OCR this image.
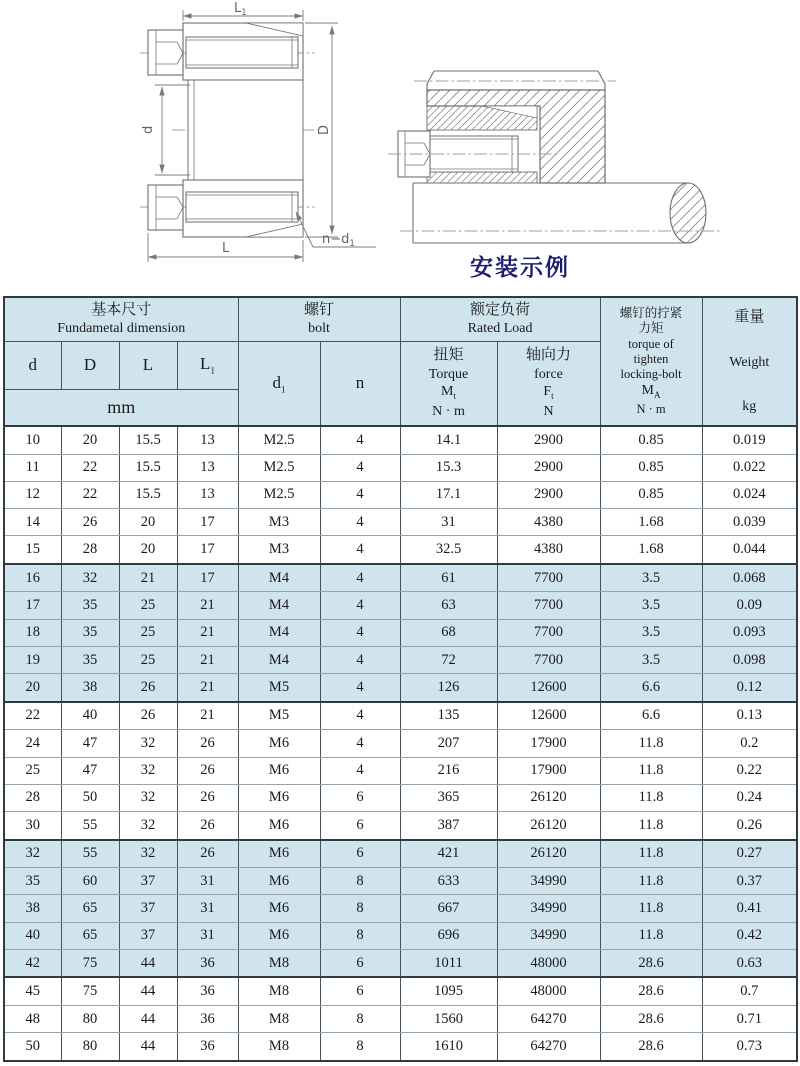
$L_1$
d	D
L
$n-d_1$
安装示例
基本尺寸
Fundametal dimension

螺钉
bolt

额定负荷
Rated Load

螺钉的拧紧
力矩
torque of
tighten
locking-bolt
$M_A$
N · m

重量
Weight
kg

d	D	L	$L_1$	$d_1$	n	
扭矩
Torque
$M_t$
N · m

轴向力
force
$F_t$
N

mm									
10	20	15.5	13	M2.5	4	14.1	2900	0.85	0.019
11	22	15.5	13	M2.5	4	15.3	2900	0.85	0.022
12	22	15.5	13	M2.5	4	17.1	2900	0.85	0.024
14	26	20	17	M3	4	31	4380	1.68	0.039
15	28	20	17	M3	4	32.5	4380	1.68	0.044
16	32	21	17	M4	4	61	7700	3.5	0.068
17	35	25	21	M4	4	63	7700	3.5	0.09
18	35	25	21	M4	4	68	7700	3.5	0.093
19	35	25	21	M4	4	72	7700	3.5	0.098
20	38	26	21	M5	4	126	12600	6.6	0.12
22	40	26	21	M5	4	135	12600	6.6	0.13
24	47	32	26	M6	4	207	17900	11.8	0.2
25	47	32	26	M6	4	216	17900	11.8	0.22
28	50	32	26	M6	6	365	26120	11.8	0.24
30	55	32	26	M6	6	387	26120	11.8	0.26
32	55	32	26	M6	6	421	26120	11.8	0.27
35	60	37	31	M6	8	633	34990	11.8	0.37
38	65	37	31	M6	8	667	34990	11.8	0.41
40	65	37	31	M6	8	696	34990	11.8	0.42
42	75	44	36	M8	6	1011	48000	28.6	0.63
45	75	44	36	M8	6	1095	48000	28.6	0.7
48	80	44	36	M8	8	1560	64270	28.6	0.71
50	80	44	36	M8	8	1610	64270	28.6	0.73
